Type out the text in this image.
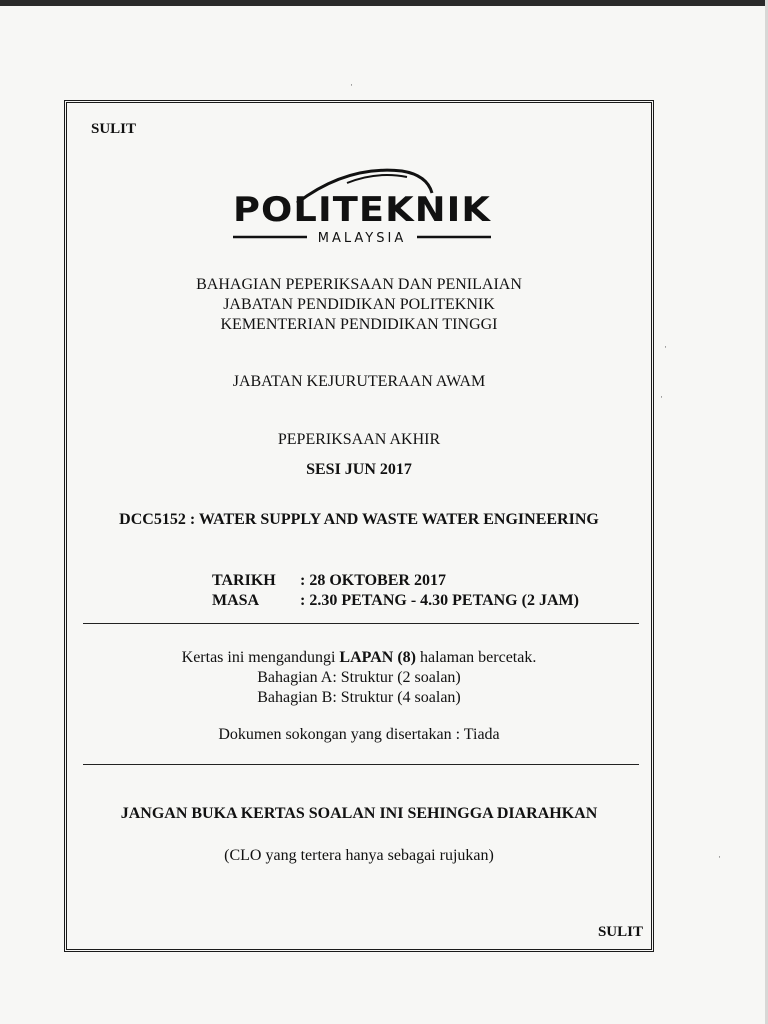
SULIT
POLITEKNIK
MALAYSIA
BAHAGIAN PEPERIKSAAN DAN PENILAIAN
JABATAN PENDIDIKAN POLITEKNIK
KEMENTERIAN PENDIDIKAN TINGGI
JABATAN KEJURUTERAAN AWAM
PEPERIKSAAN AKHIR
SESI JUN 2017
DCC5152 : WATER SUPPLY AND WASTE WATER ENGINEERING
TARIKH : 28 OKTOBER 2017
MASA	: 2.30 PETANG - 4.30 PETANG (2 JAM)
Kertas ini mengandungi LAPAN (8) halaman bercetak.
Bahagian A: Struktur (2 soalan)
Bahagian B: Struktur (4 soalan)
Dokumen sokongan yang disertakan : Tiada
JANGAN BUKA KERTAS SOALAN INI SEHINGGA DIARAHKAN
(CLO yang tertera hanya sebagai rujukan)
SULIT
·
·
·
·
